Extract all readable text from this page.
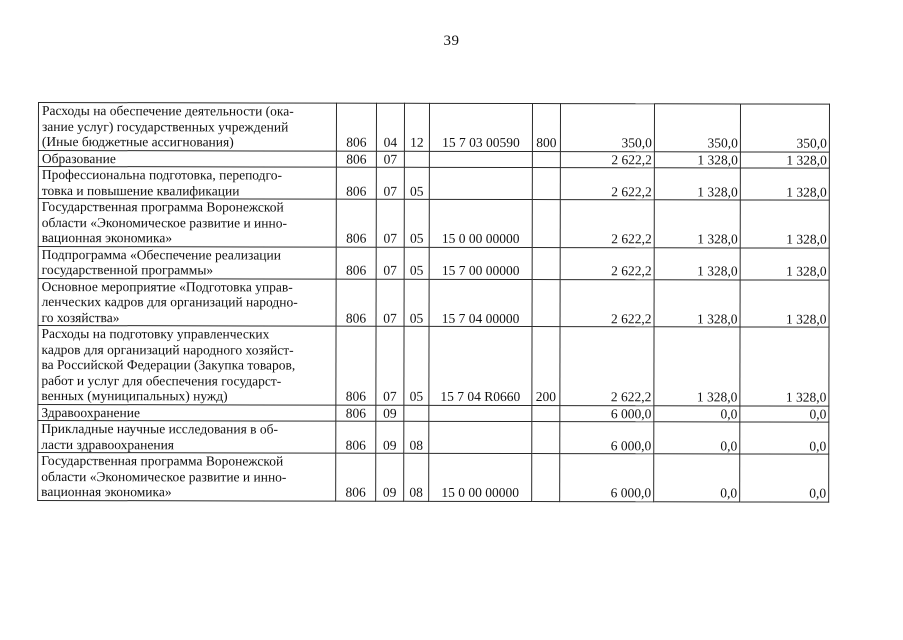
39
Расходы на обеспечение деятельности (ока-
зание услуг) государственных учреждений
(Иные бюджетные ассигнования)	806	04	12	15 7 03 00590	800	350,0	350,0	350,0
Образование	806	07				2 622,2	1 328,0	1 328,0
Профессиональна подготовка, переподго-
товка и повышение квалификации	806	07	05			2 622,2	1 328,0	1 328,0
Государственная программа Воронежской
области «Экономическое развитие и инно-
вационная экономика»	806	07	05	15 0 00 00000		2 622,2	1 328,0	1 328,0
Подпрограмма «Обеспечение реализации
государственной программы»	806	07	05	15 7 00 00000		2 622,2	1 328,0	1 328,0
Основное мероприятие «Подготовка управ-
ленческих кадров для организаций народно-
го хозяйства»	806	07	05	15 7 04 00000		2 622,2	1 328,0	1 328,0
Расходы на подготовку управленческих
кадров для организаций народного хозяйст-
ва Российской Федерации (Закупка товаров,
работ и услуг для обеспечения государст-
венных (муниципальных) нужд)	806	07	05	15 7 04 R0660	200	2 622,2	1 328,0	1 328,0
Здравоохранение	806	09				6 000,0	0,0	0,0
Прикладные научные исследования в об-
ласти здравоохранения	806	09	08			6 000,0	0,0	0,0
Государственная программа Воронежской
области «Экономическое развитие и инно-
вационная экономика»	806	09	08	15 0 00 00000		6 000,0	0,0	0,0
